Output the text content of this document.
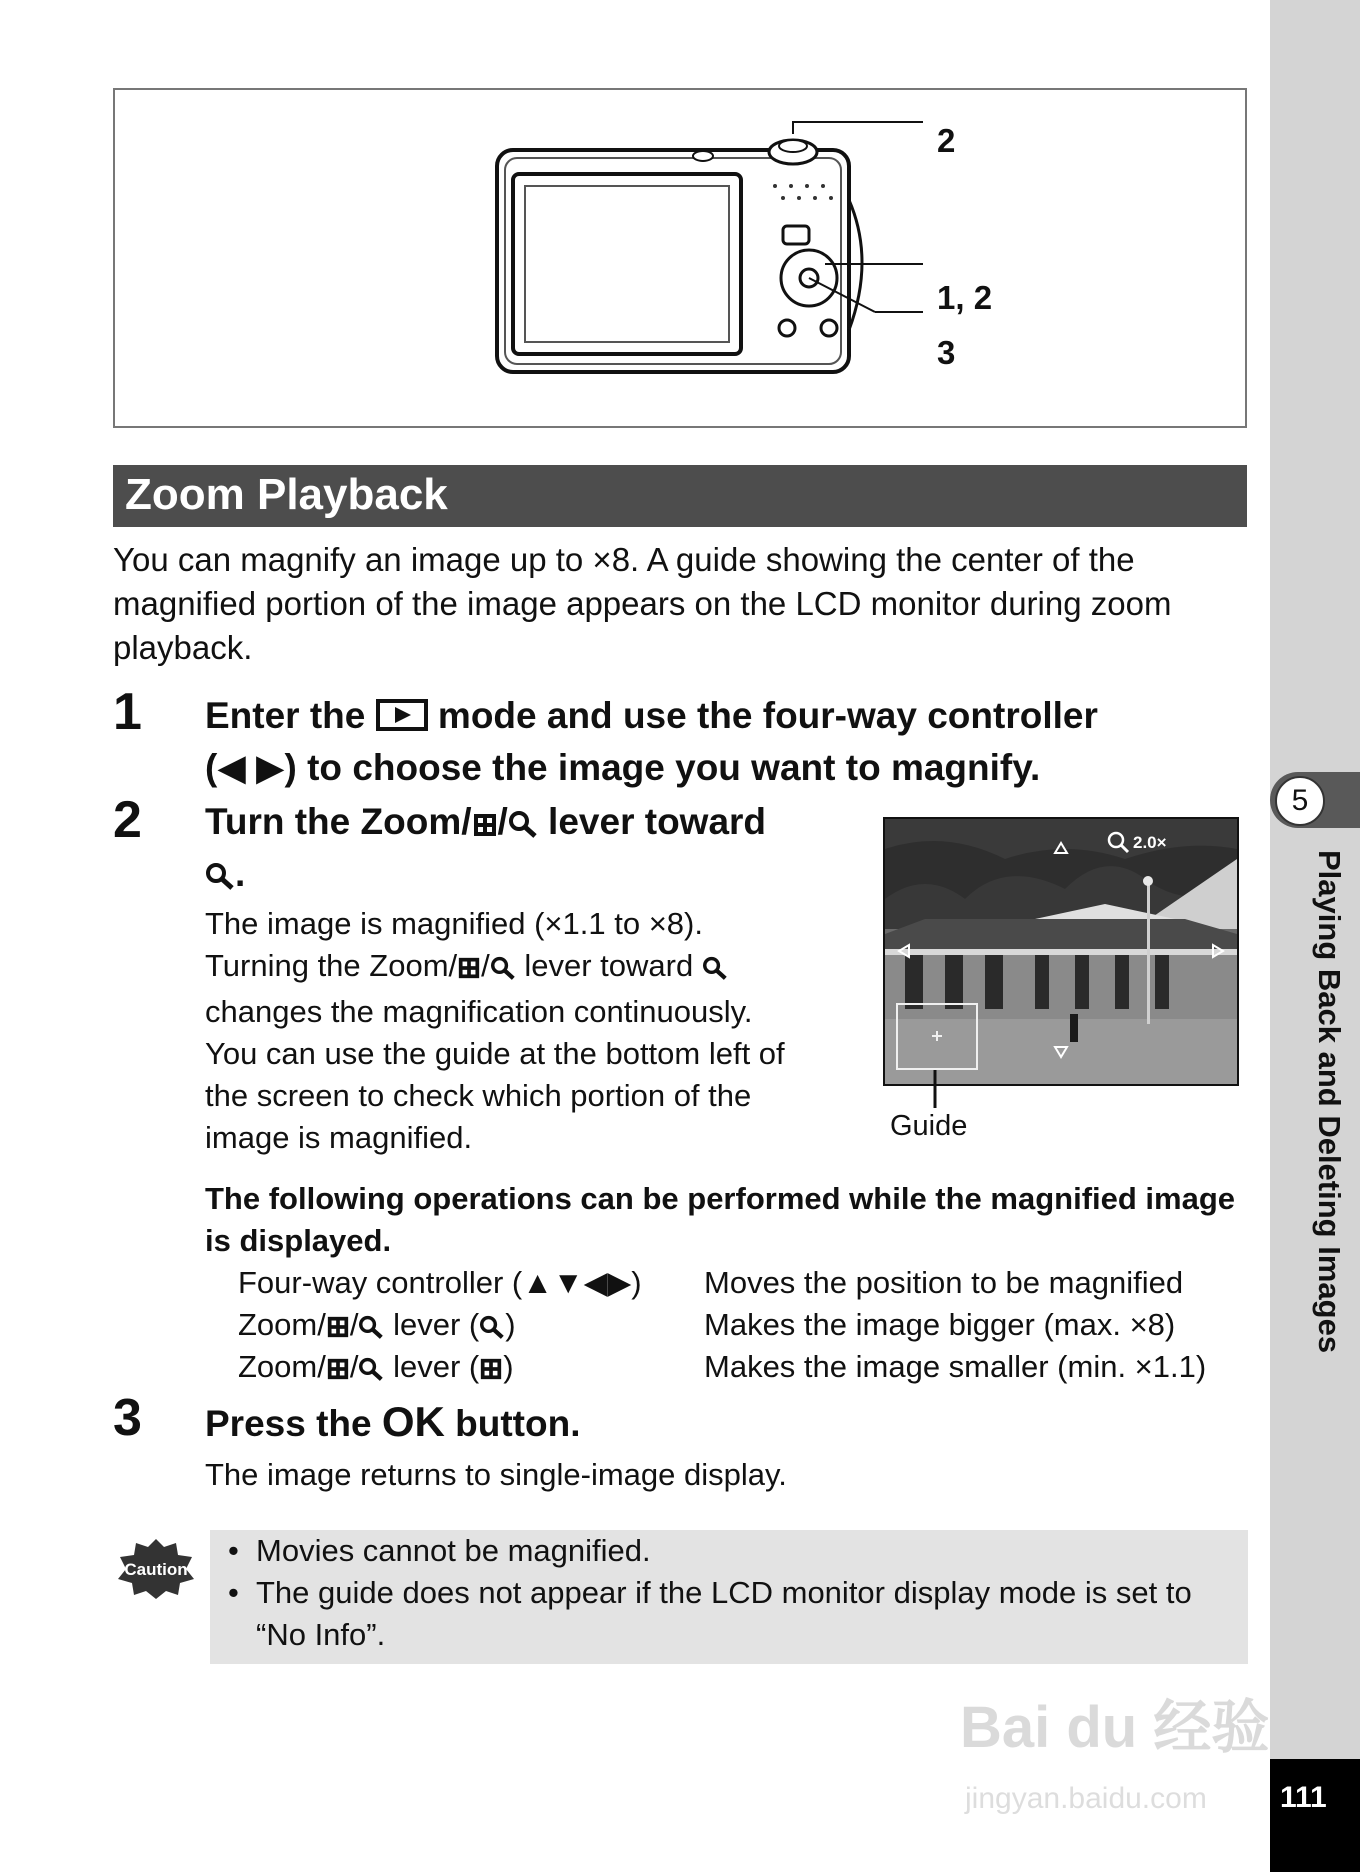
5
Playing Back and Deleting Images
111
2
1, 2
3
Zoom Playback

You can magnify an image up to ×8. A guide showing the center of the magnified portion of the image appears on the LCD monitor during zoom playback.

1 Enter the mode and use the four-way controller
(◀ ▶) to choose the image you want to magnify.
2 Turn the Zoom/ / lever toward
.
The image is magnified (×1.1 to ×8).
Turning the Zoom/ / lever toward
changes the magnification continuously.
You can use the guide at the bottom left of
the screen to check which portion of the
image is magnified.
2.0×
Guide
The following operations can be performed while the magnified image is displayed.
Four-way controller (▲▼◀▶) Moves the position to be magnified
Zoom/ / lever ( )	Makes the image bigger (max. ×8)
Zoom/ / lever ( )	Makes the image smaller (min. ×1.1)
3 Press the OK button.

The image returns to single-image display.

Caution
• Movies cannot be magnified.
• The guide does not appear if the LCD monitor display mode is set to “No Info”.
Bai du 经验
jingyan.baidu.com
